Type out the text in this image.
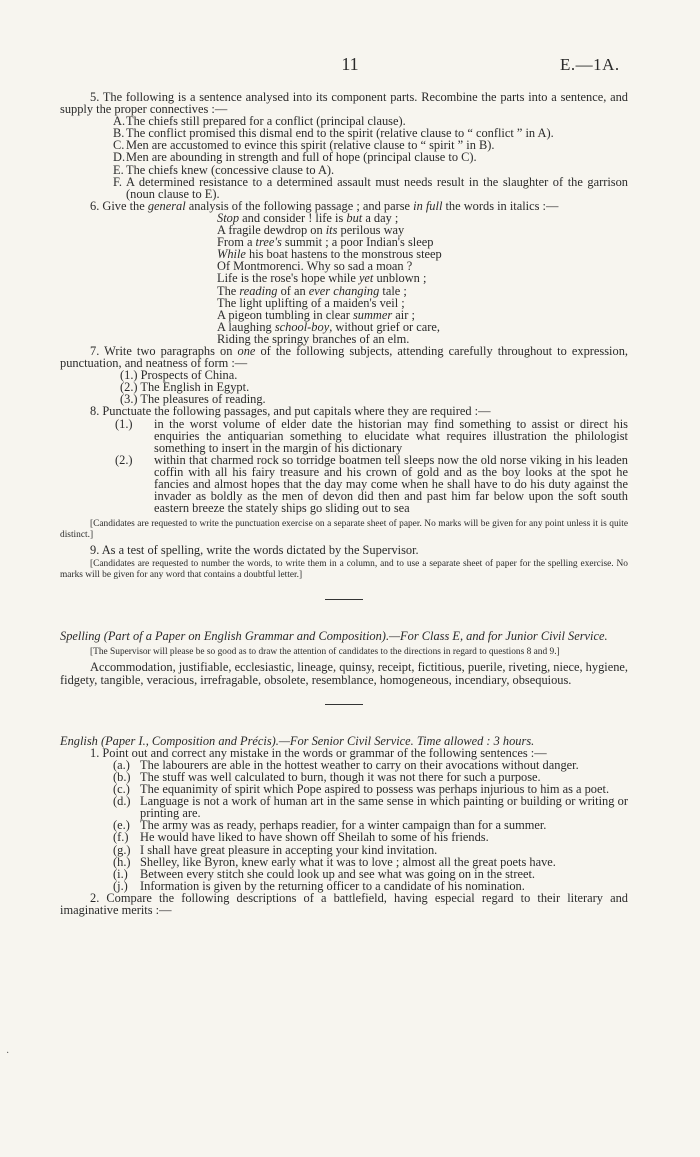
11	E.—1A.

5. The following is a sentence analysed into its component parts. Recombine the parts into a sentence, and supply the proper connectives :—

A. The chiefs still prepared for a conflict (principal clause).

B. The conflict promised this dismal end to the spirit (relative clause to “ conflict ” in A).

C. Men are accustomed to evince this spirit (relative clause to “ spirit ” in B).

D. Men are abounding in strength and full of hope (principal clause to C).

E. The chiefs knew (concessive clause to A).

F. A determined resistance to a determined assault must needs result in the slaughter of the garrison (noun clause to E).

6. Give the general analysis of the following passage ; and parse in full the words in italics :—

Stop and consider ! life is but a day ;

A fragile dewdrop on its perilous way

From a tree's summit ; a poor Indian's sleep

While his boat hastens to the monstrous steep

Of Montmorenci. Why so sad a moan ?

Life is the rose's hope while yet unblown ;

The reading of an ever changing tale ;

The light uplifting of a maiden's veil ;

A pigeon tumbling in clear summer air ;

A laughing school-boy, without grief or care,

Riding the springy branches of an elm.

7. Write two paragraphs on one of the following subjects, attending carefully throughout to expression, punctuation, and neatness of form :—

(1.) Prospects of China.

(2.) The English in Egypt.

(3.) The pleasures of reading.

8. Punctuate the following passages, and put capitals where they are required :—

(1.) in the worst volume of elder date the historian may find something to assist or direct his enquiries the antiquarian something to elucidate what requires illustration the philologist something to insert in the margin of his dictionary

(2.) within that charmed rock so torridge boatmen tell sleeps now the old norse viking in his leaden coffin with all his fairy treasure and his crown of gold and as the boy looks at the spot he fancies and almost hopes that the day may come when he shall have to do his duty against the invader as boldly as the men of devon did then and past him far below upon the soft south eastern breeze the stately ships go sliding out to sea

[Candidates are requested to write the punctuation exercise on a separate sheet of paper. No marks will be given for any point unless it is quite distinct.]

9. As a test of spelling, write the words dictated by the Supervisor.

[Candidates are requested to number the words, to write them in a column, and to use a separate sheet of paper for the spelling exercise. No marks will be given for any word that contains a doubtful letter.]

Spelling (Part of a Paper on English Grammar and Composition).—For Class E, and for Junior Civil Service.

[The Supervisor will please be so good as to draw the attention of candidates to the directions in regard to questions 8 and 9.]

Accommodation, justifiable, ecclesiastic, lineage, quinsy, receipt, fictitious, puerile, riveting, niece, hygiene, fidgety, tangible, veracious, irrefragable, obsolete, resemblance, homogeneous, incendiary, obsequious.

English (Paper I., Composition and Précis).—For Senior Civil Service. Time allowed : 3 hours.

1. Point out and correct any mistake in the words or grammar of the following sentences :—

(a.) The labourers are able in the hottest weather to carry on their avocations without danger.

(b.) The stuff was well calculated to burn, though it was not there for such a purpose.

(c.) The equanimity of spirit which Pope aspired to possess was perhaps injurious to him as a poet.

(d.) Language is not a work of human art in the same sense in which painting or building or writing or printing are.

(e.) The army was as ready, perhaps readier, for a winter campaign than for a summer.

(f.) He would have liked to have shown off Sheilah to some of his friends.

(g.) I shall have great pleasure in accepting your kind invitation.

(h.) Shelley, like Byron, knew early what it was to love ; almost all the great poets have.

(i.) Between every stitch she could look up and see what was going on in the street.

(j.) Information is given by the returning officer to a candidate of his nomination.

2. Compare the following descriptions of a battlefield, having especial regard to their literary and imaginative merits :—

·
